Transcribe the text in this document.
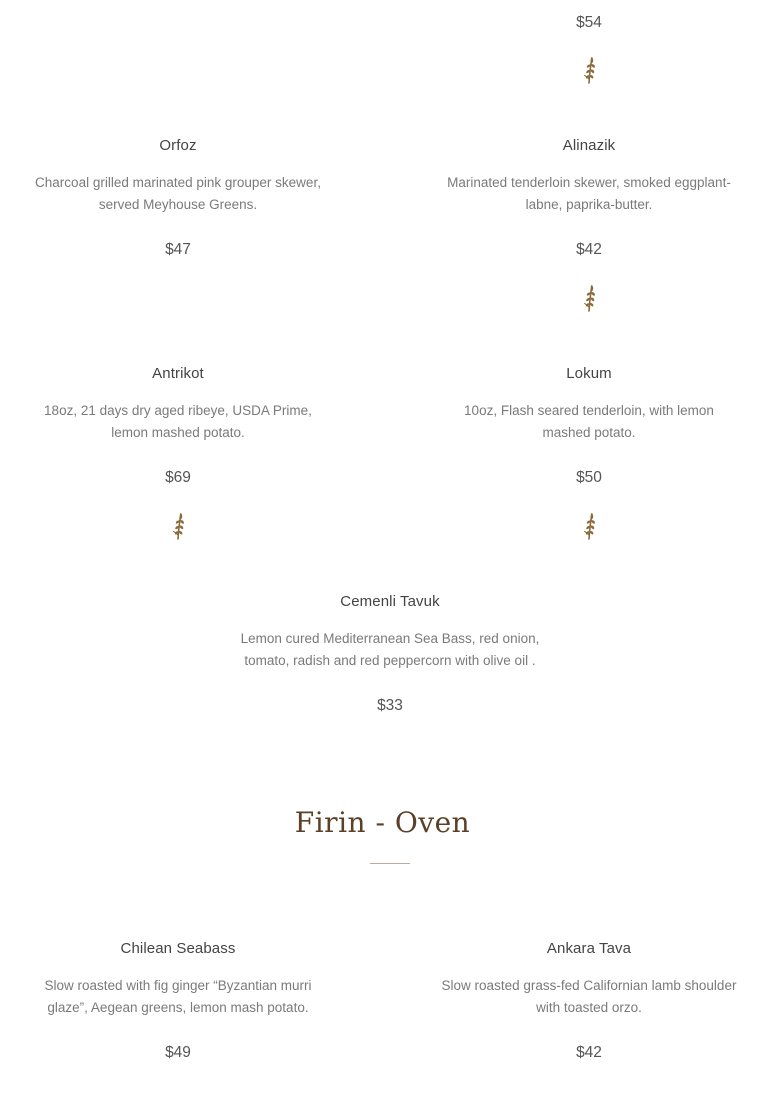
$54
Orfoz
Charcoal grilled marinated pink grouper skewer, served Meyhouse Greens.
$47
Alinazik
Marinated tenderloin skewer, smoked eggplant-labne, paprika-butter.
$42
Antrikot
18oz, 21 days dry aged ribeye, USDA Prime, lemon mashed potato.
$69
Lokum
10oz, Flash seared tenderloin, with lemon mashed potato.
$50
Cemenli Tavuk
Lemon cured Mediterranean Sea Bass, red onion, tomato, radish and red peppercorn with olive oil .
$33
Firin - Oven
Chilean Seabass
Slow roasted with fig ginger “Byzantian murri glaze”, Aegean greens, lemon mash potato.
$49
Ankara Tava
Slow roasted grass-fed Californian lamb shoulder with toasted orzo.
$42
